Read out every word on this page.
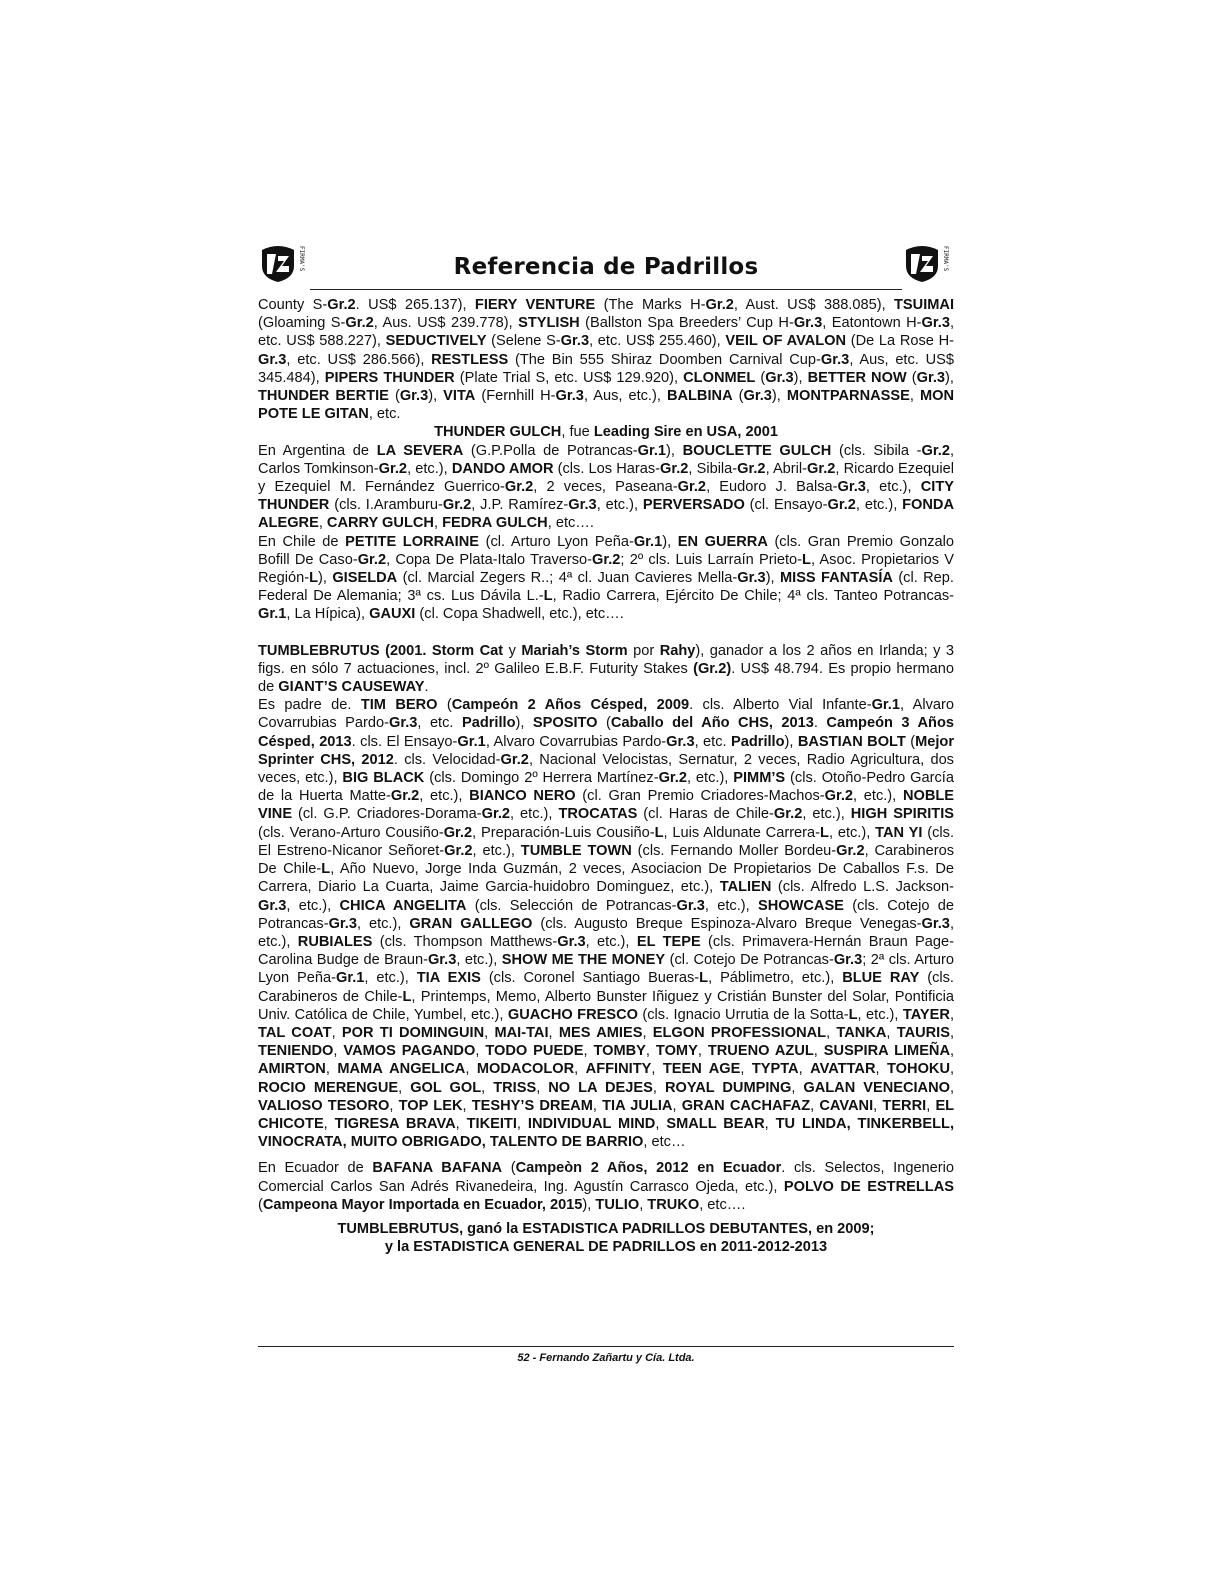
FIRMA'S	Referencia de Padrillos	FIRMA'S

County S-Gr.2. US$ 265.137), FIERY VENTURE (The Marks H-Gr.2, Aust. US$ 388.085), TSUIMAI (Gloaming S-Gr.2, Aus. US$ 239.778), STYLISH (Ballston Spa Breeders’ Cup H-Gr.3, Eatontown H-Gr.3, etc. US$ 588.227), SEDUCTIVELY (Selene S-Gr.3, etc. US$ 255.460), VEIL OF AVALON (De La Rose H-Gr.3, etc. US$ 286.566), RESTLESS (The Bin 555 Shiraz Doomben Carnival Cup-Gr.3, Aus, etc. US$ 345.484), PIPERS THUNDER (Plate Trial S, etc. US$ 129.920), CLONMEL (Gr.3), BETTER NOW (Gr.3), THUNDER BERTIE (Gr.3), VITA (Fernhill H-Gr.3, Aus, etc.), BALBINA (Gr.3), MONTPARNASSE, MON POTE LE GITAN, etc.

THUNDER GULCH, fue Leading Sire en USA, 2001

En Argentina de LA SEVERA (G.P.Polla de Potrancas-Gr.1), BOUCLETTE GULCH (cls. Sibila -Gr.2, Carlos Tomkinson-Gr.2, etc.), DANDO AMOR (cls. Los Haras-Gr.2, Sibila-Gr.2, Abril-Gr.2, Ricardo Ezequiel y Ezequiel M. Fernández Guerrico-Gr.2, 2 veces, Paseana-Gr.2, Eudoro J. Balsa-Gr.3, etc.), CITY THUNDER (cls. I.Aramburu-Gr.2, J.P. Ramírez-Gr.3, etc.), PERVERSADO (cl. Ensayo-Gr.2, etc.), FONDA ALEGRE, CARRY GULCH, FEDRA GULCH, etc….

En Chile de PETITE LORRAINE (cl. Arturo Lyon Peña-Gr.1), EN GUERRA (cls. Gran Premio Gonzalo Bofill De Caso-Gr.2, Copa De Plata-Italo Traverso-Gr.2; 2º cls. Luis Larraín Prieto-L, Asoc. Propietarios V Región-L), GISELDA (cl. Marcial Zegers R..; 4ª cl. Juan Cavieres Mella-Gr.3), MISS FANTASÍA (cl. Rep. Federal De Alemania; 3ª cs. Lus Dávila L.-L, Radio Carrera, Ejército De Chile; 4ª cls. Tanteo Potrancas-Gr.1, La Hípica), GAUXI (cl. Copa Shadwell, etc.), etc….

TUMBLEBRUTUS (2001. Storm Cat y Mariah’s Storm por Rahy), ganador a los 2 años en Irlanda; y 3 figs. en sólo 7 actuaciones, incl. 2º Galileo E.B.F. Futurity Stakes (Gr.2). US$ 48.794. Es propio hermano de GIANT’S CAUSEWAY.

Es padre de. TIM BERO (Campeón 2 Años Césped, 2009. cls. Alberto Vial Infante-Gr.1, Alvaro Covarrubias Pardo-Gr.3, etc. Padrillo), SPOSITO (Caballo del Año CHS, 2013. Campeón 3 Años Césped, 2013. cls. El Ensayo-Gr.1, Alvaro Covarrubias Pardo-Gr.3, etc. Padrillo), BASTIAN BOLT (Mejor Sprinter CHS, 2012. cls. Velocidad-Gr.2, Nacional Velocistas, Sernatur, 2 veces, Radio Agricultura, dos veces, etc.), BIG BLACK (cls. Domingo 2º Herrera Martínez-Gr.2, etc.), PIMM’S (cls. Otoño-Pedro García de la Huerta Matte-Gr.2, etc.), BIANCO NERO (cl. Gran Premio Criadores-Machos-Gr.2, etc.), NOBLE VINE (cl. G.P. Criadores-Dorama-Gr.2, etc.), TROCATAS (cl. Haras de Chile-Gr.2, etc.), HIGH SPIRITIS (cls. Verano-Arturo Cousiño-Gr.2, Preparación-Luis Cousiño-L, Luis Aldunate Carrera-L, etc.), TAN YI (cls. El Estreno-Nicanor Señoret-Gr.2, etc.), TUMBLE TOWN (cls. Fernando Moller Bordeu-Gr.2, Carabineros De Chile-L, Año Nuevo, Jorge Inda Guzmán, 2 veces, Asociacion De Propietarios De Caballos F.s. De Carrera, Diario La Cuarta, Jaime Garcia-huidobro Dominguez, etc.), TALIEN (cls. Alfredo L.S. Jackson-Gr.3, etc.), CHICA ANGELITA (cls. Selección de Potrancas-Gr.3, etc.), SHOWCASE (cls. Cotejo de Potrancas-Gr.3, etc.), GRAN GALLEGO (cls. Augusto Breque Espinoza-Alvaro Breque Venegas-Gr.3, etc.), RUBIALES (cls. Thompson Matthews-Gr.3, etc.), EL TEPE (cls. Primavera-Hernán Braun Page-Carolina Budge de Braun-Gr.3, etc.), SHOW ME THE MONEY (cl. Cotejo De Potrancas-Gr.3; 2ª cls. Arturo Lyon Peña-Gr.1, etc.), TIA EXIS (cls. Coronel Santiago Bueras-L, Páblimetro, etc.), BLUE RAY (cls. Carabineros de Chile-L, Printemps, Memo, Alberto Bunster Iñiguez y Cristián Bunster del Solar, Pontificia Univ. Católica de Chile, Yumbel, etc.), GUACHO FRESCO (cls. Ignacio Urrutia de la Sotta-L, etc.), TAYER, TAL COAT, POR TI DOMINGUIN, MAI-TAI, MES AMIES, ELGON PROFESSIONAL, TANKA, TAURIS, TENIENDO, VAMOS PAGANDO, TODO PUEDE, TOMBY, TOMY, TRUENO AZUL, SUSPIRA LIMEÑA, AMIRTON, MAMA ANGELICA, MODACOLOR, AFFINITY, TEEN AGE, TYPTA, AVATTAR, TOHOKU, ROCIO MERENGUE, GOL GOL, TRISS, NO LA DEJES, ROYAL DUMPING, GALAN VENECIANO, VALIOSO TESORO, TOP LEK, TESHY’S DREAM, TIA JULIA, GRAN CACHAFAZ, CAVANI, TERRI, EL CHICOTE, TIGRESA BRAVA, TIKEITI, INDIVIDUAL MIND, SMALL BEAR, TU LINDA, TINKERBELL, VINOCRATA, MUITO OBRIGADO, TALENTO DE BARRIO, etc…

En Ecuador de BAFANA BAFANA (Campeòn 2 Años, 2012 en Ecuador. cls. Selectos, Ingenerio Comercial Carlos San Adrés Rivanedeira, Ing. Agustín Carrasco Ojeda, etc.), POLVO DE ESTRELLAS (Campeona Mayor Importada en Ecuador, 2015), TULIO, TRUKO, etc….

TUMBLEBRUTUS, ganó la ESTADISTICA PADRILLOS DEBUTANTES, en 2009;
y la ESTADISTICA GENERAL DE PADRILLOS en 2011-2012-2013
52 - Fernando Zañartu y Cía. Ltda.
